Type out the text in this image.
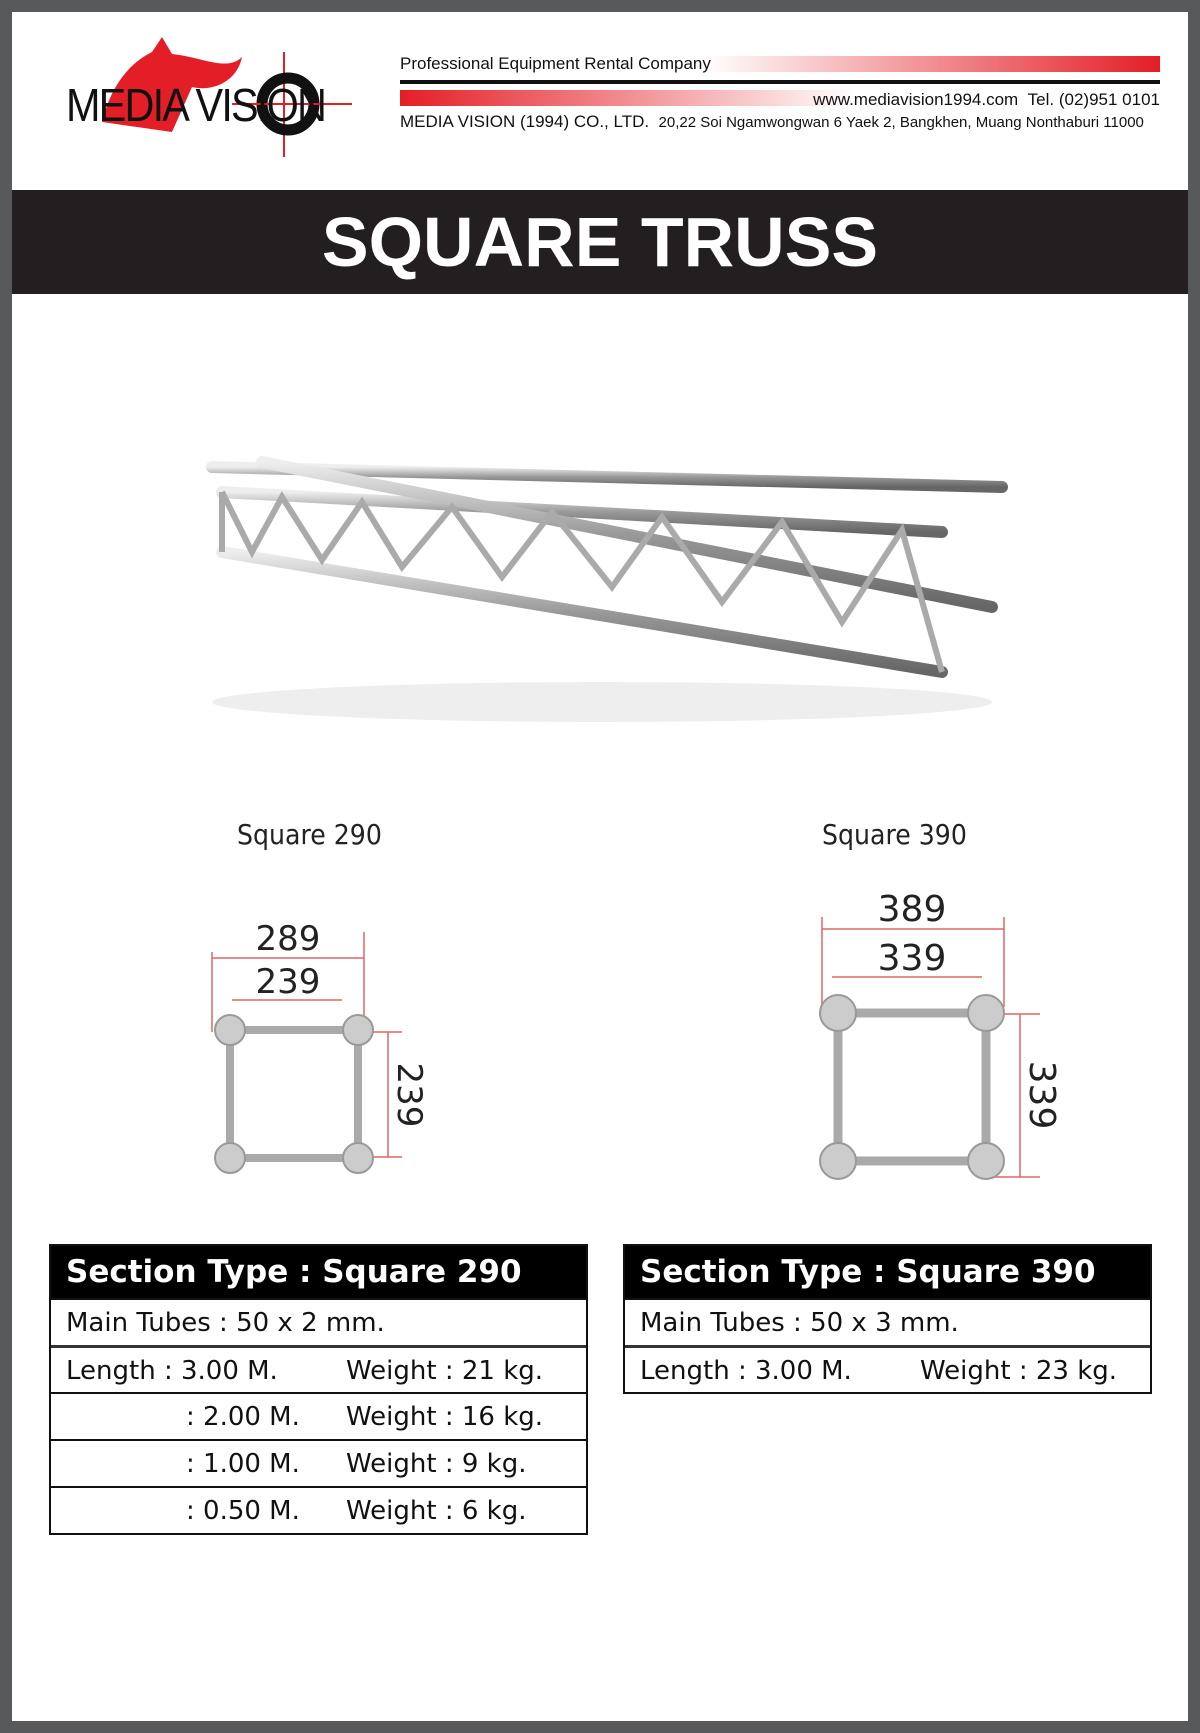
MEDIA VISION
Professional Equipment Rental Company
www.mediavision1994.com Tel. (02)951 0101
MEDIA VISION (1994) CO., LTD. 20,22 Soi Ngamwongwan 6 Yaek 2, Bangkhen, Muang Nonthaburi 11000
SQUARE TRUSS
Square 290	Square 390
289
239
239
389
339
339
Section Type : Square 290
Main Tubes : 50 x 2 mm.
Length : 3.00 M.	Weight : 21 kg.
: 2.00 M.	Weight : 16 kg.
: 1.00 M.	Weight : 9 kg.
: 0.50 M.	Weight : 6 kg.
Section Type : Square 390
Main Tubes : 50 x 3 mm.
Length : 3.00 M.	Weight : 23 kg.
